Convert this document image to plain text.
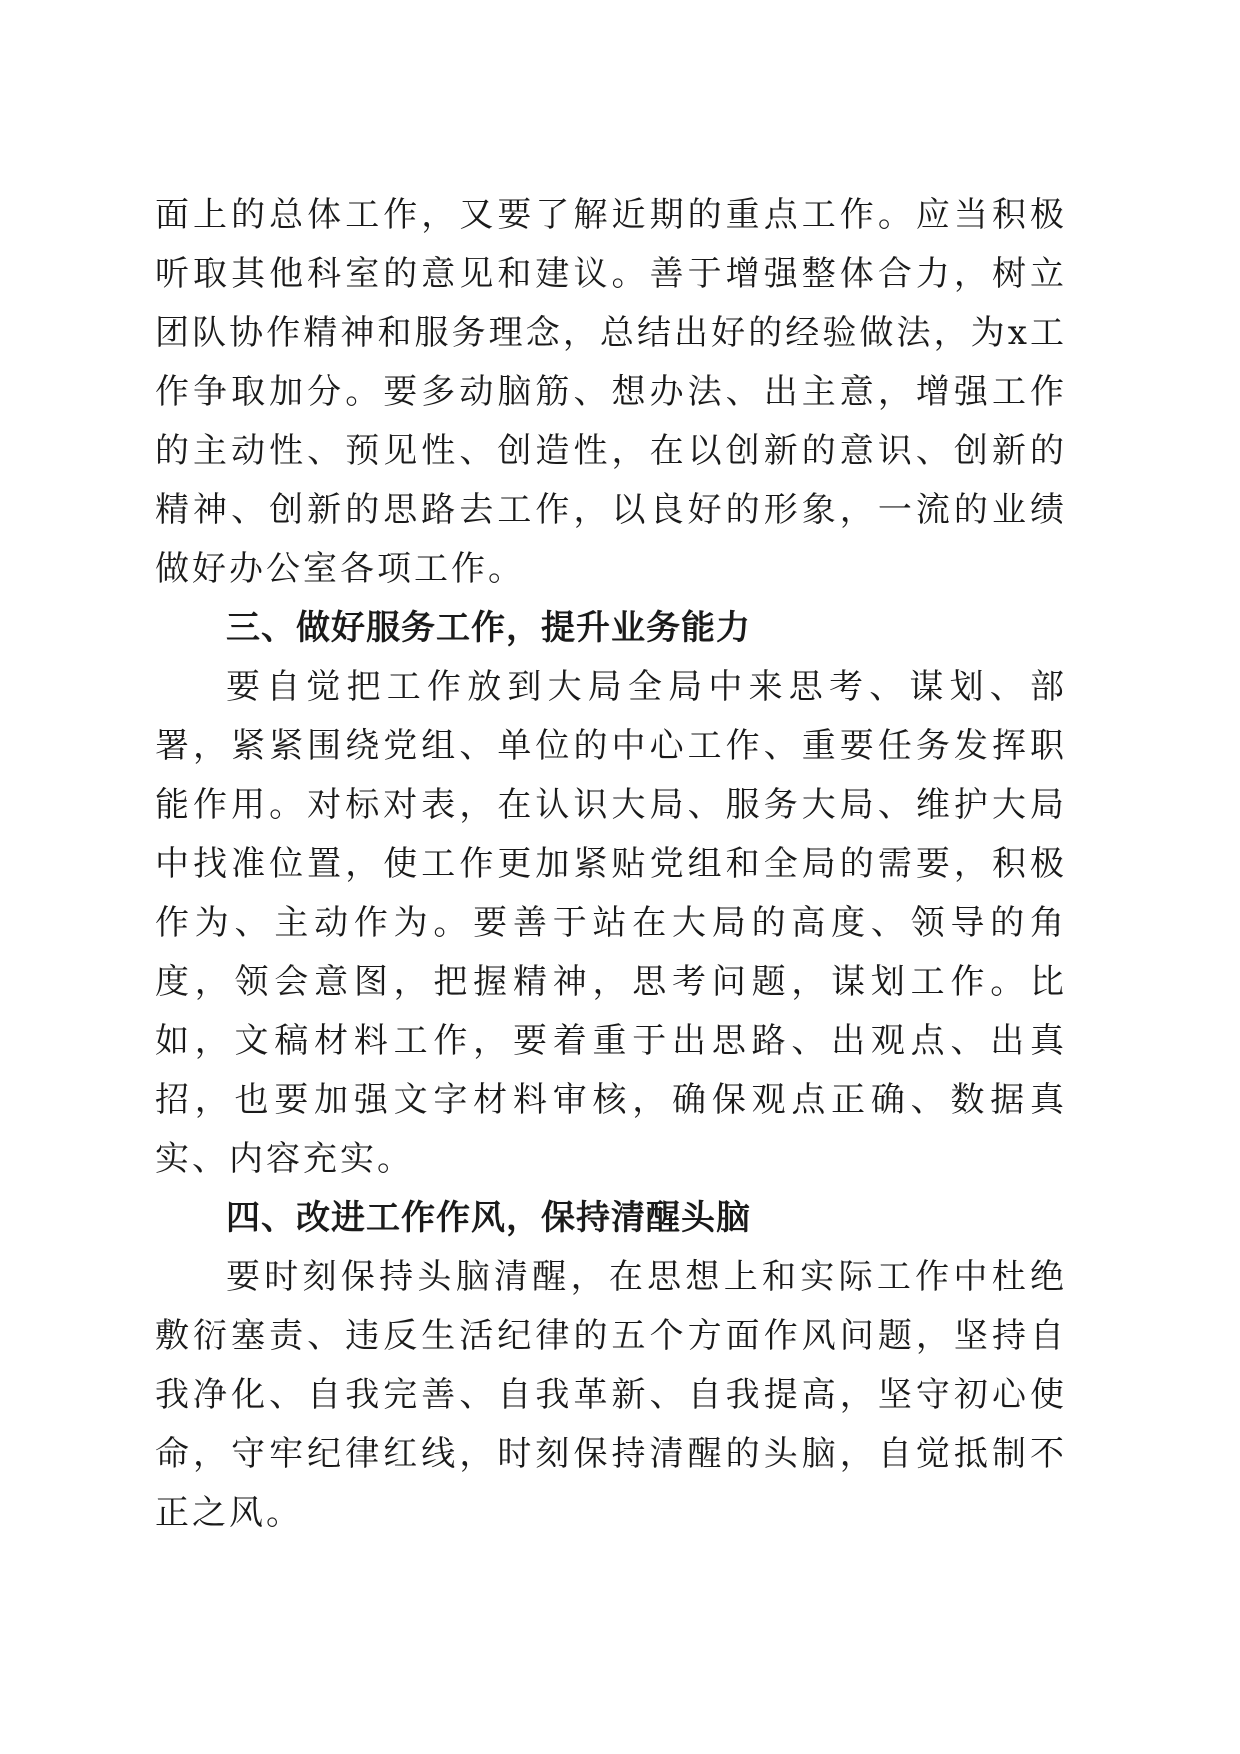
面上的总体工作，又要了解近期的重点工作。应当积极听取其他科室的意见和建议。善于增强整体合力，树立团队协作精神和服务理念，总结出好的经验做法，为x工作争取加分。要多动脑筋、想办法、出主意，增强工作的主动性、预见性、创造性，在以创新的意识、创新的精神、创新的思路去工作，以良好的形象，一流的业绩做好办公室各项工作。

三、做好服务工作，提升业务能力

要自觉把工作放到大局全局中来思考、谋划、部署，紧紧围绕党组、单位的中心工作、重要任务发挥职能作用。对标对表，在认识大局、服务大局、维护大局中找准位置，使工作更加紧贴党组和全局的需要，积极作为、主动作为。要善于站在大局的高度、领导的角度，领会意图，把握精神，思考问题，谋划工作。比如，文稿材料工作，要着重于出思路、出观点、出真招，也要加强文字材料审核，确保观点正确、数据真实、内容充实。

四、改进工作作风，保持清醒头脑

要时刻保持头脑清醒，在思想上和实际工作中杜绝敷衍塞责、违反生活纪律的五个方面作风问题，坚持自我净化、自我完善、自我革新、自我提高，坚守初心使命，守牢纪律红线，时刻保持清醒的头脑，自觉抵制不正之风。
